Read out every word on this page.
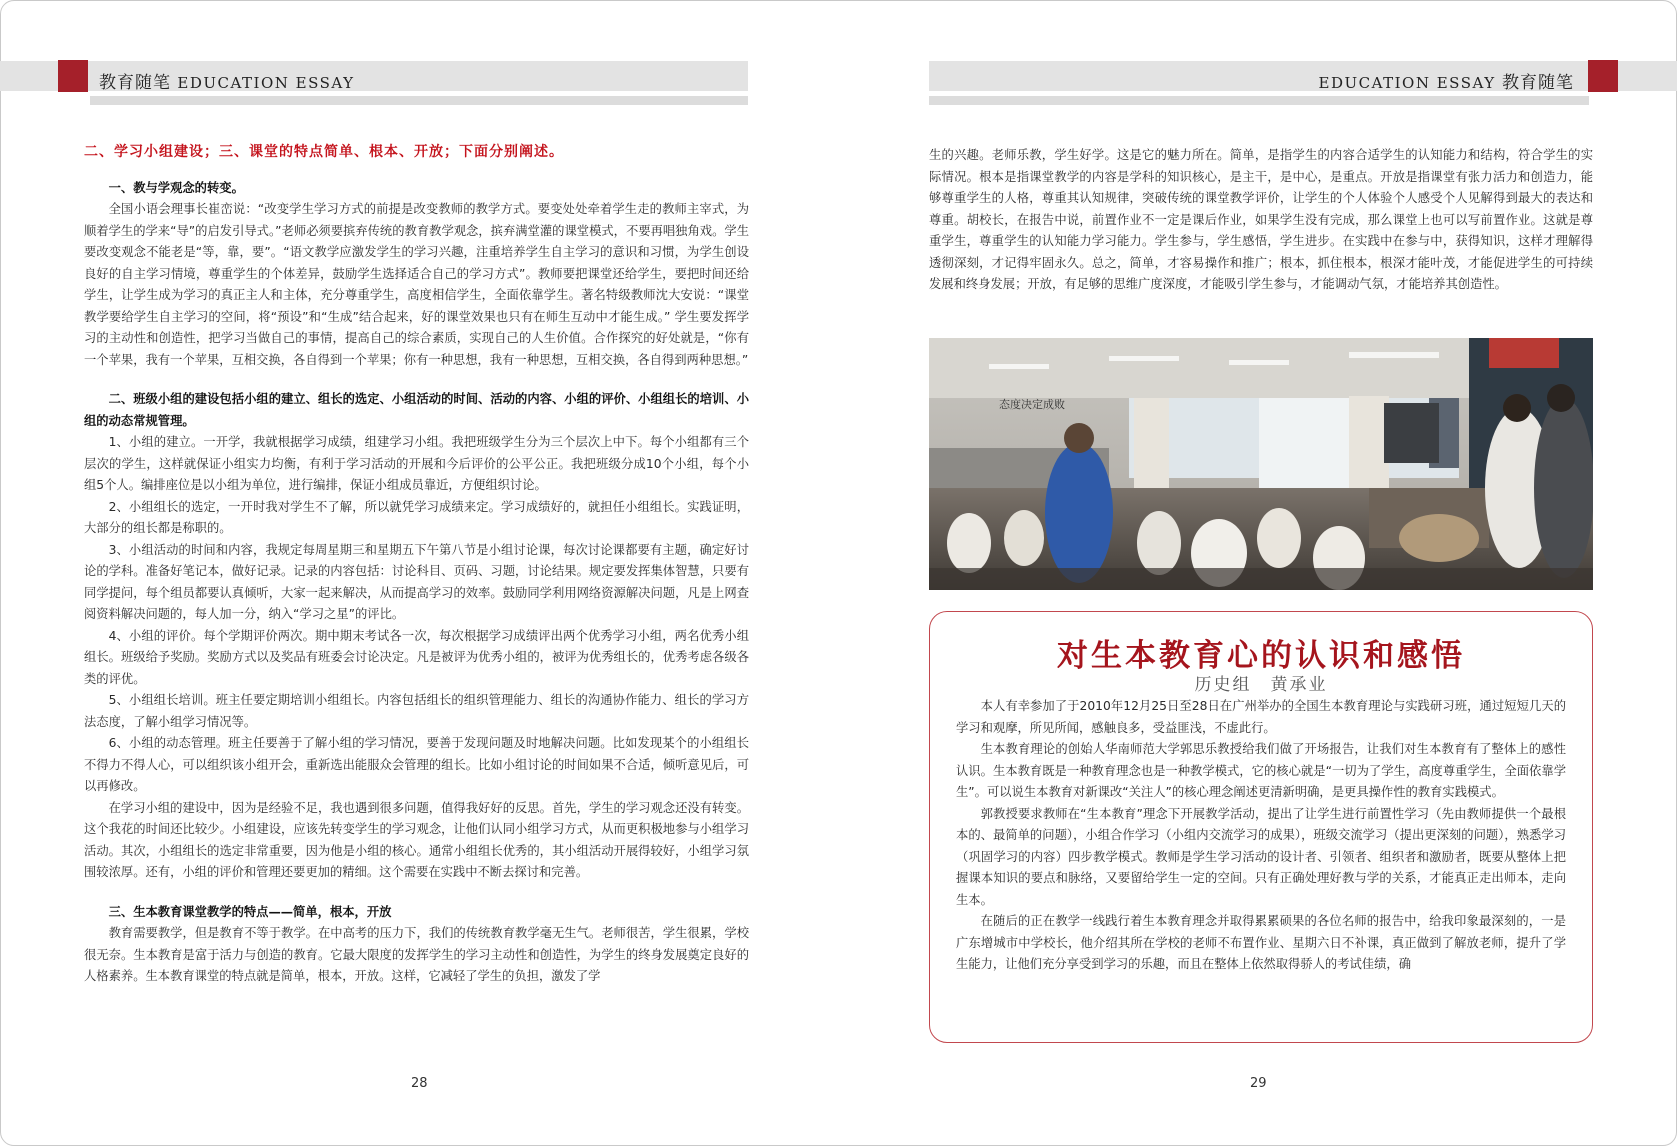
教育随笔 EDUCATION ESSAY	EDUCATION ESSAY 教育随笔

二、学习小组建设；三、课堂的特点简单、根本、开放；下面分别阐述。

一、教与学观念的转变。

全国小语会理事长崔峦说：“改变学生学习方式的前提是改变教师的教学方式。要变处处牵着学生走的教师主宰式，为顺着学生的学来“导”的启发引导式。”老师必须要摈弃传统的教育教学观念，摈弃满堂灌的课堂模式，不要再唱独角戏。学生要改变观念不能老是“等，靠，要”。“语文教学应激发学生的学习兴趣，注重培养学生自主学习的意识和习惯，为学生创设良好的自主学习情境，尊重学生的个体差异，鼓励学生选择适合自己的学习方式”。教师要把课堂还给学生，要把时间还给学生，让学生成为学习的真正主人和主体，充分尊重学生，高度相信学生，全面依靠学生。著名特级教师沈大安说：“课堂教学要给学生自主学习的空间，将“预设”和“生成”结合起来，好的课堂效果也只有在师生互动中才能生成。” 学生要发挥学习的主动性和创造性，把学习当做自己的事情，提高自己的综合素质，实现自己的人生价值。合作探究的好处就是，“你有一个苹果，我有一个苹果，互相交换，各自得到一个苹果；你有一种思想，我有一种思想，互相交换，各自得到两种思想。”

二、班级小组的建设包括小组的建立、组长的选定、小组活动的时间、活动的内容、小组的评价、小组组长的培训、小组的动态常规管理。

1、小组的建立。一开学，我就根据学习成绩，组建学习小组。我把班级学生分为三个层次上中下。每个小组都有三个层次的学生，这样就保证小组实力均衡，有利于学习活动的开展和今后评价的公平公正。我把班级分成10个小组，每个小组5个人。编排座位是以小组为单位，进行编排，保证小组成员靠近，方便组织讨论。

2、小组组长的选定，一开时我对学生不了解，所以就凭学习成绩来定。学习成绩好的，就担任小组组长。实践证明，大部分的组长都是称职的。

3、小组活动的时间和内容，我规定每周星期三和星期五下午第八节是小组讨论课，每次讨论课都要有主题，确定好讨论的学科。准备好笔记本，做好记录。记录的内容包括：讨论科目、页码、习题，讨论结果。规定要发挥集体智慧，只要有同学提问，每个组员都要认真倾听，大家一起来解决，从而提高学习的效率。鼓励同学利用网络资源解决问题，凡是上网查阅资料解决问题的，每人加一分，纳入“学习之星”的评比。

4、小组的评价。每个学期评价两次。期中期末考试各一次，每次根据学习成绩评出两个优秀学习小组，两名优秀小组组长。班级给予奖励。奖励方式以及奖品有班委会讨论决定。凡是被评为优秀小组的，被评为优秀组长的，优秀考虑各级各类的评优。

5、小组组长培训。班主任要定期培训小组组长。内容包括组长的组织管理能力、组长的沟通协作能力、组长的学习方法态度，了解小组学习情况等。

6、小组的动态管理。班主任要善于了解小组的学习情况，要善于发现问题及时地解决问题。比如发现某个的小组组长不得力不得人心，可以组织该小组开会，重新选出能服众会管理的组长。比如小组讨论的时间如果不合适，倾听意见后，可以再修改。

在学习小组的建设中，因为是经验不足，我也遇到很多问题，值得我好好的反思。首先，学生的学习观念还没有转变。这个我花的时间还比较少。小组建设，应该先转变学生的学习观念，让他们认同小组学习方式，从而更积极地参与小组学习活动。其次，小组组长的选定非常重要，因为他是小组的核心。通常小组组长优秀的，其小组活动开展得较好，小组学习氛围较浓厚。还有，小组的评价和管理还要更加的精细。这个需要在实践中不断去探讨和完善。

三、生本教育课堂教学的特点——简单，根本，开放

教育需要教学，但是教育不等于教学。在中高考的压力下，我们的传统教育教学毫无生气。老师很苦，学生很累，学校很无奈。生本教育是富于活力与创造的教育。它最大限度的发挥学生的学习主动性和创造性，为学生的终身发展奠定良好的人格素养。生本教育课堂的特点就是简单，根本，开放。这样，它减轻了学生的负担，激发了学

28

生的兴趣。老师乐教，学生好学。这是它的魅力所在。简单，是指学生的内容合适学生的认知能力和结构，符合学生的实际情况。根本是指课堂教学的内容是学科的知识核心，是主干，是中心，是重点。开放是指课堂有张力活力和创造力，能够尊重学生的人格，尊重其认知规律，突破传统的课堂教学评价，让学生的个人体验个人感受个人见解得到最大的表达和尊重。胡校长，在报告中说，前置作业不一定是课后作业，如果学生没有完成，那么课堂上也可以写前置作业。这就是尊重学生，尊重学生的认知能力学习能力。学生参与，学生感悟，学生进步。在实践中在参与中，获得知识，这样才理解得透彻深刻，才记得牢固永久。总之，简单，才容易操作和推广；根本，抓住根本，根深才能叶茂，才能促进学生的可持续发展和终身发展；开放，有足够的思维广度深度，才能吸引学生参与，才能调动气氛，才能培养其创造性。

态度决定成败
对生本教育心的认识和感悟
历史组　黄承业

本人有幸参加了于2010年12月25日至28日在广州举办的全国生本教育理论与实践研习班，通过短短几天的学习和观摩，所见所闻，感触良多，受益匪浅，不虚此行。

生本教育理论的创始人华南师范大学郭思乐教授给我们做了开场报告，让我们对生本教育有了整体上的感性认识。生本教育既是一种教育理念也是一种教学模式，它的核心就是“一切为了学生，高度尊重学生，全面依靠学生”。可以说生本教育对新课改“关注人”的核心理念阐述更清新明确，是更具操作性的教育实践模式。

郭教授要求教师在“生本教育”理念下开展教学活动，提出了让学生进行前置性学习（先由教师提供一个最根本的、最简单的问题），小组合作学习（小组内交流学习的成果），班级交流学习（提出更深刻的问题），熟悉学习（巩固学习的内容）四步教学模式。教师是学生学习活动的设计者、引领者、组织者和激励者，既要从整体上把握课本知识的要点和脉络，又要留给学生一定的空间。只有正确处理好教与学的关系，才能真正走出师本，走向生本。

在随后的正在教学一线践行着生本教育理念并取得累累硕果的各位名师的报告中，给我印象最深刻的，一是广东增城市中学校长，他介绍其所在学校的老师不布置作业、星期六日不补课，真正做到了解放老师，提升了学生能力，让他们充分享受到学习的乐趣，而且在整体上依然取得骄人的考试佳绩，确

29
